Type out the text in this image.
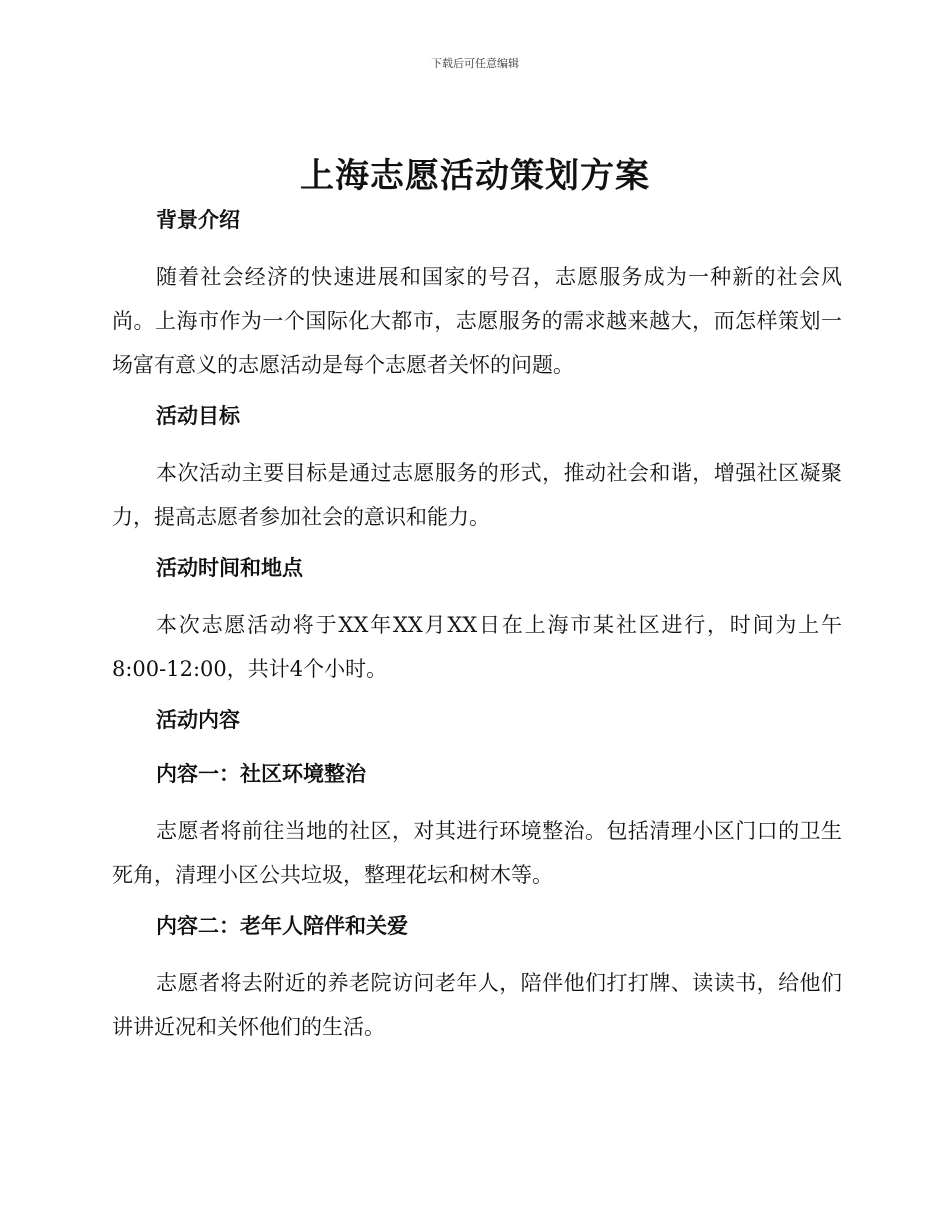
下载后可任意编辑
上海志愿活动策划方案
背景介绍

随着社会经济的快速进展和国家的号召，志愿服务成为一种新的社会风尚。上海市作为一个国际化大都市，志愿服务的需求越来越大，而怎样策划一场富有意义的志愿活动是每个志愿者关怀的问题。

活动目标

本次活动主要目标是通过志愿服务的形式，推动社会和谐，增强社区凝聚力，提高志愿者参加社会的意识和能力。

活动时间和地点

本次志愿活动将于XX年XX月XX日在上海市某社区进行，时间为上午8:00-12:00，共计4个小时。

活动内容
内容一：社区环境整治

志愿者将前往当地的社区，对其进行环境整治。包括清理小区门口的卫生死角，清理小区公共垃圾，整理花坛和树木等。

内容二：老年人陪伴和关爱

志愿者将去附近的养老院访问老年人，陪伴他们打打牌、读读书，给他们讲讲近况和关怀他们的生活。
